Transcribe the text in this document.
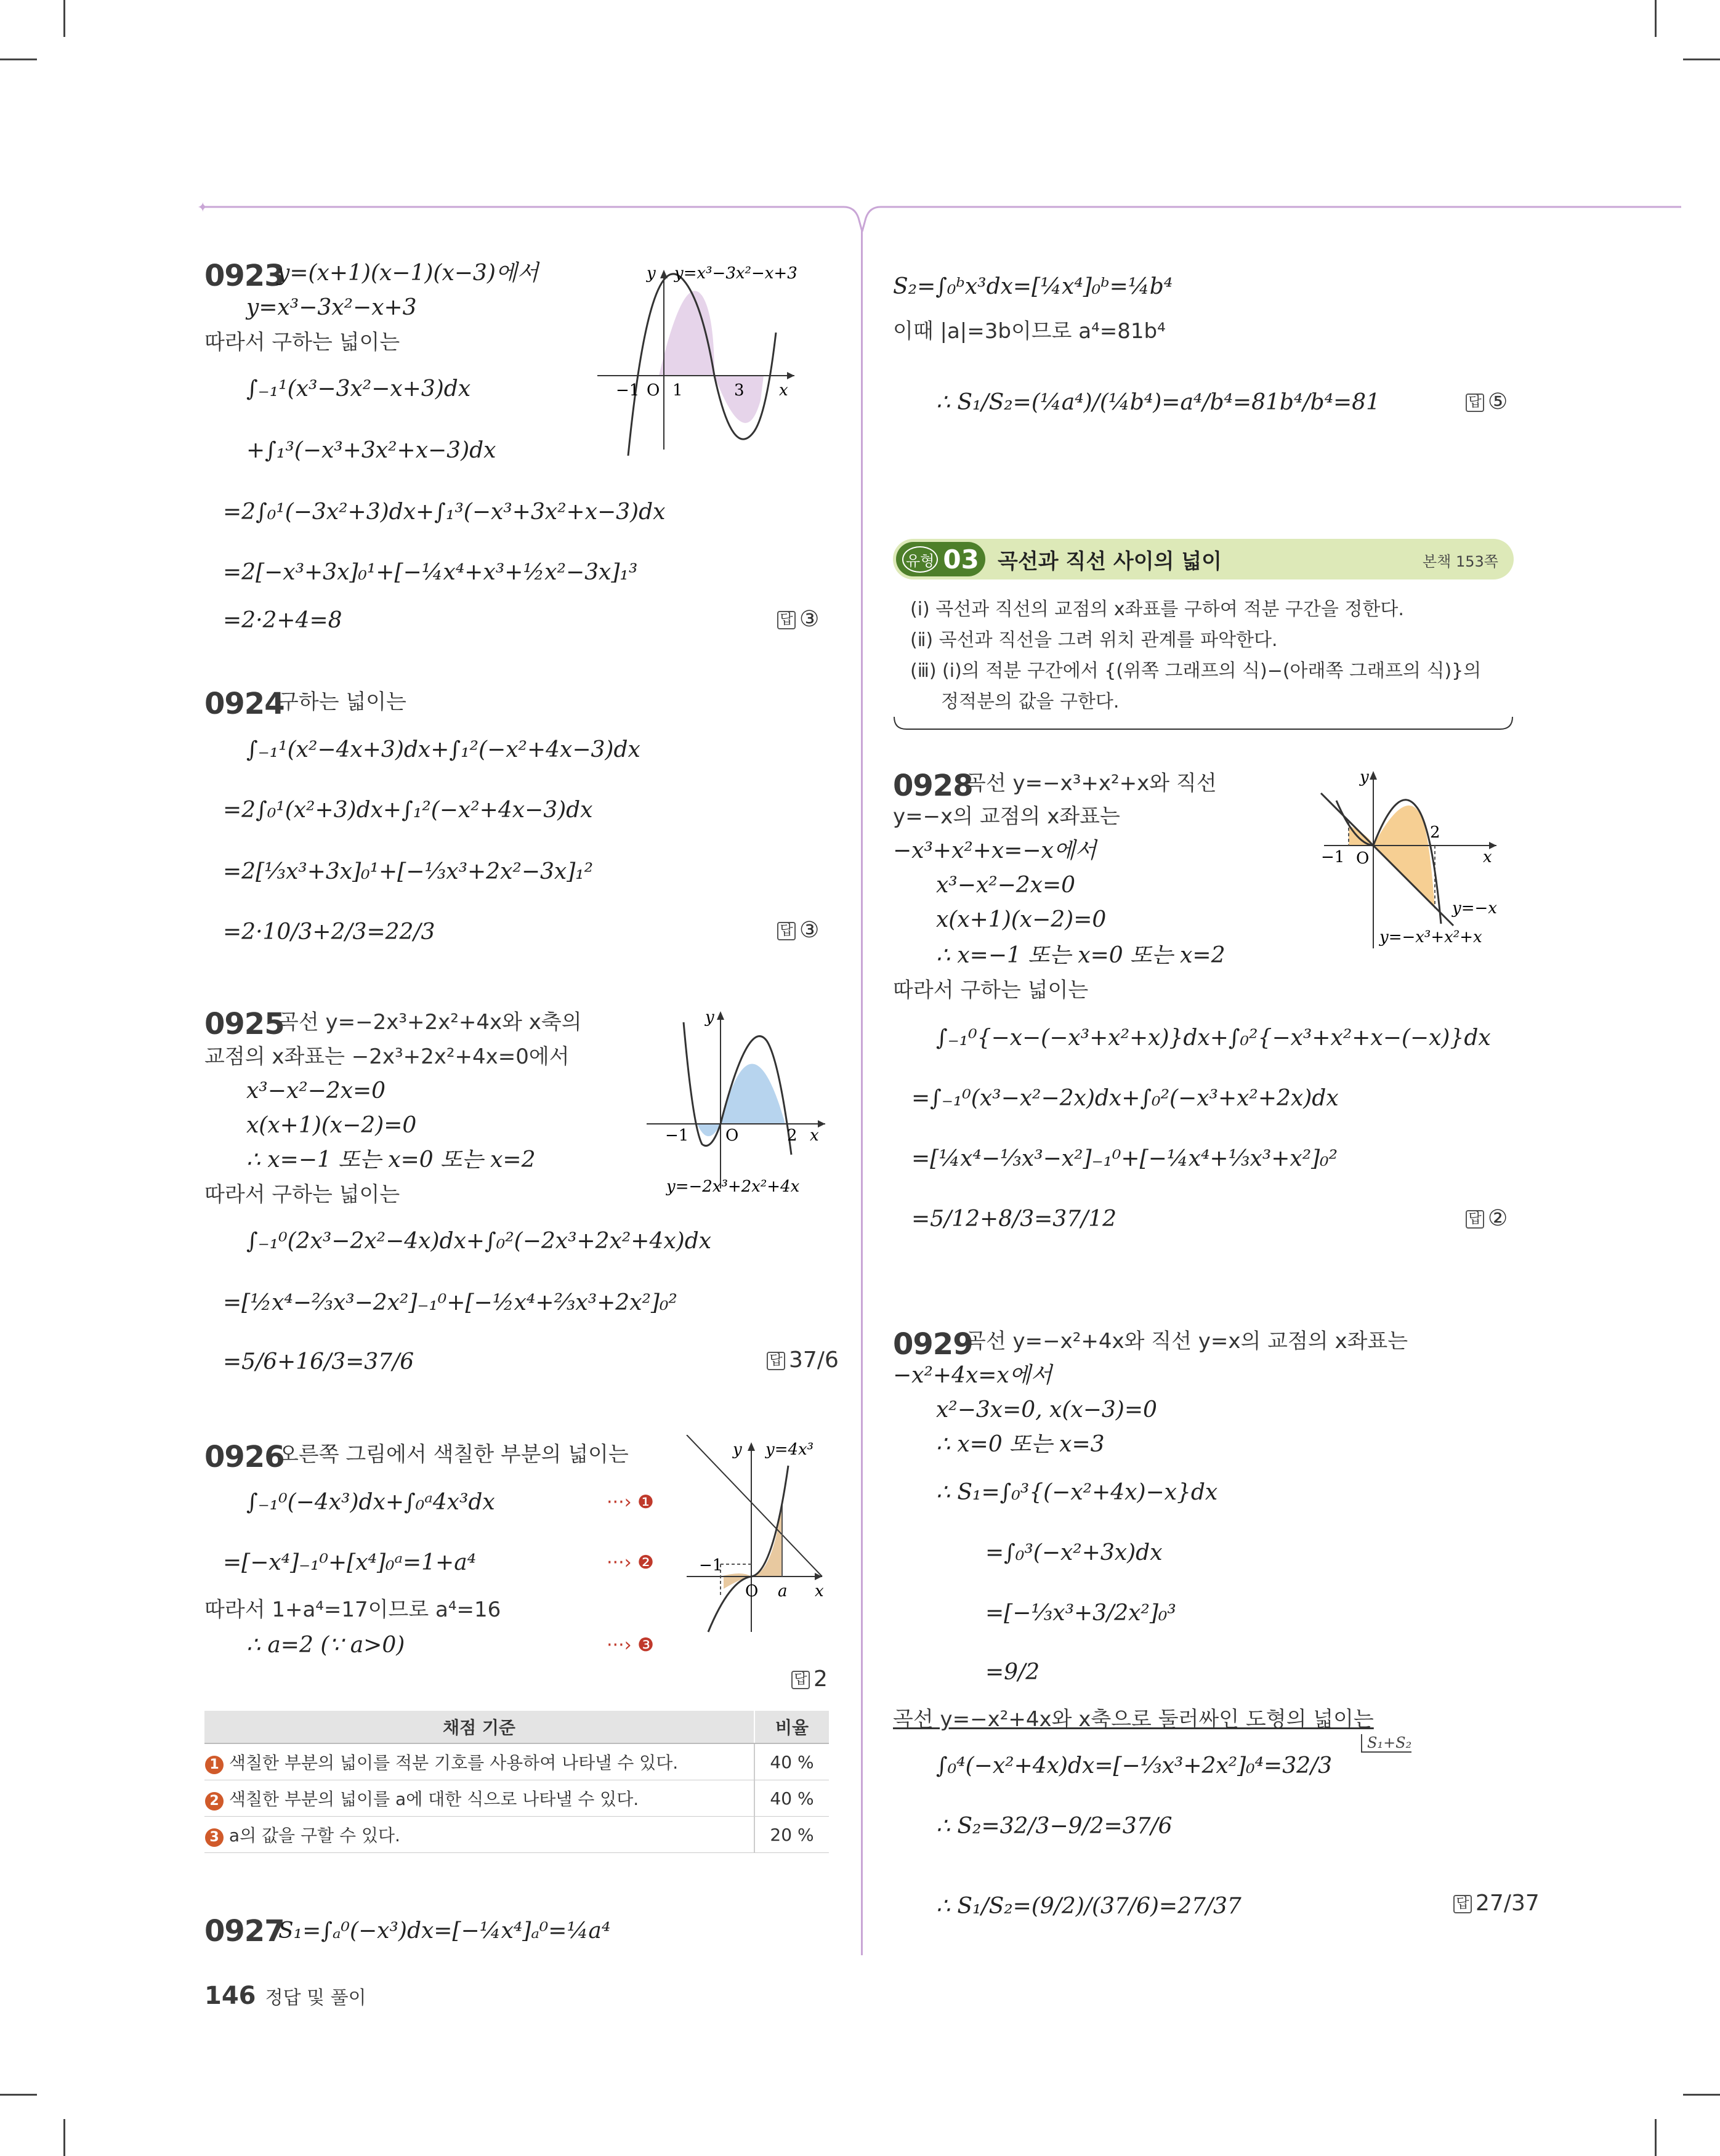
✦
0923
y=(x+1)(x−1)(x−3)에서
y=x³−3x²−x+3
따라서 구하는 넓이는
∫₋₁¹(x³−3x²−x+3)dx
+∫₁³(−x³+3x²+x−3)dx
=2∫₀¹(−3x²+3)dx+∫₁³(−x³+3x²+x−3)dx
=2[−x³+3x]₀¹+[−¼x⁴+x³+½x²−3x]₁³
=2·2+4=8	답 ③
y y=x³−3x²−x+3
−1 O 1	3 x
0924
구하는 넓이는
∫₋₁¹(x²−4x+3)dx+∫₁²(−x²+4x−3)dx
=2∫₀¹(x²+3)dx+∫₁²(−x²+4x−3)dx
=2[⅓x³+3x]₀¹+[−⅓x³+2x²−3x]₁²
=2·10/3+2/3=22/3	답 ③
0925
곡선 y=−2x³+2x²+4x와 x축의
교점의 x좌표는 −2x³+2x²+4x=0에서
x³−x²−2x=0
x(x+1)(x−2)=0
∴ x=−1 또는 x=0 또는 x=2
따라서 구하는 넓이는
∫₋₁⁰(2x³−2x²−4x)dx+∫₀²(−2x³+2x²+4x)dx
=[½x⁴−⅔x³−2x²]₋₁⁰+[−½x⁴+⅔x³+2x²]₀²
=5/6+16/3=37/6	답 37/6
y
−1 O	2 x
y=−2x³+2x²+4x
0926
오른쪽 그림에서 색칠한 부분의 넓이는
∫₋₁⁰(−4x³)dx+∫₀ᵃ4x³dx
=[−x⁴]₋₁⁰+[x⁴]₀ᵃ=1+a⁴
따라서 1+a⁴=17이므로 a⁴=16
∴ a=2 (∵ a>0)
···› ❶
···› ❷
···› ❸
답 2
y y=4x³
−1
O a x
채점 기준	비율
1 색칠한 부분의 넓이를 적분 기호를 사용하여 나타낼 수 있다.	40 %
2 색칠한 부분의 넓이를 a에 대한 식으로 나타낼 수 있다.	40 %
3 a의 값을 구할 수 있다.	20 %
0927
S₁=∫ₐ⁰(−x³)dx=[−¼x⁴]ₐ⁰=¼a⁴
S₂=∫₀ᵇx³dx=[¼x⁴]₀ᵇ=¼b⁴
이때 |a|=3b이므로 a⁴=81b⁴
∴ S₁/S₂=(¼a⁴)/(¼b⁴)=a⁴/b⁴=81b⁴/b⁴=81	답 ⑤
146 정답 및 풀이
유형 03 곡선과 직선 사이의 넓이	본책 153쪽
(ⅰ) 곡선과 직선의 교점의 x좌표를 구하여 적분 구간을 정한다.
(ⅱ) 곡선과 직선을 그려 위치 관계를 파악한다.
(ⅲ) (ⅰ)의 적분 구간에서 {(위쪽 그래프의 식)−(아래쪽 그래프의 식)}의
정적분의 값을 구한다.
0928
곡선 y=−x³+x²+x와 직선
y=−x의 교점의 x좌표는
−x³+x²+x=−x에서
x³−x²−2x=0
x(x+1)(x−2)=0
∴ x=−1 또는 x=0 또는 x=2
따라서 구하는 넓이는
∫₋₁⁰{−x−(−x³+x²+x)}dx+∫₀²{−x³+x²+x−(−x)}dx
=∫₋₁⁰(x³−x²−2x)dx+∫₀²(−x³+x²+2x)dx
=[¼x⁴−⅓x³−x²]₋₁⁰+[−¼x⁴+⅓x³+x²]₀²
=5/12+8/3=37/12	답 ②
y
−1 O
2
x
y=−x
y=−x³+x²+x
0929
곡선 y=−x²+4x와 직선 y=x의 교점의 x좌표는
−x²+4x=x에서
x²−3x=0, x(x−3)=0
∴ x=0 또는 x=3
∴ S₁=∫₀³{(−x²+4x)−x}dx
=∫₀³(−x²+3x)dx
=[−⅓x³+3/2x²]₀³
=9/2
곡선 y=−x²+4x와 x축으로 둘러싸인 도형의 넓이는
S₁+S₂
∫₀⁴(−x²+4x)dx=[−⅓x³+2x²]₀⁴=32/3
∴ S₂=32/3−9/2=37/6
∴ S₁/S₂=(9/2)/(37/6)=27/37	답 27/37
